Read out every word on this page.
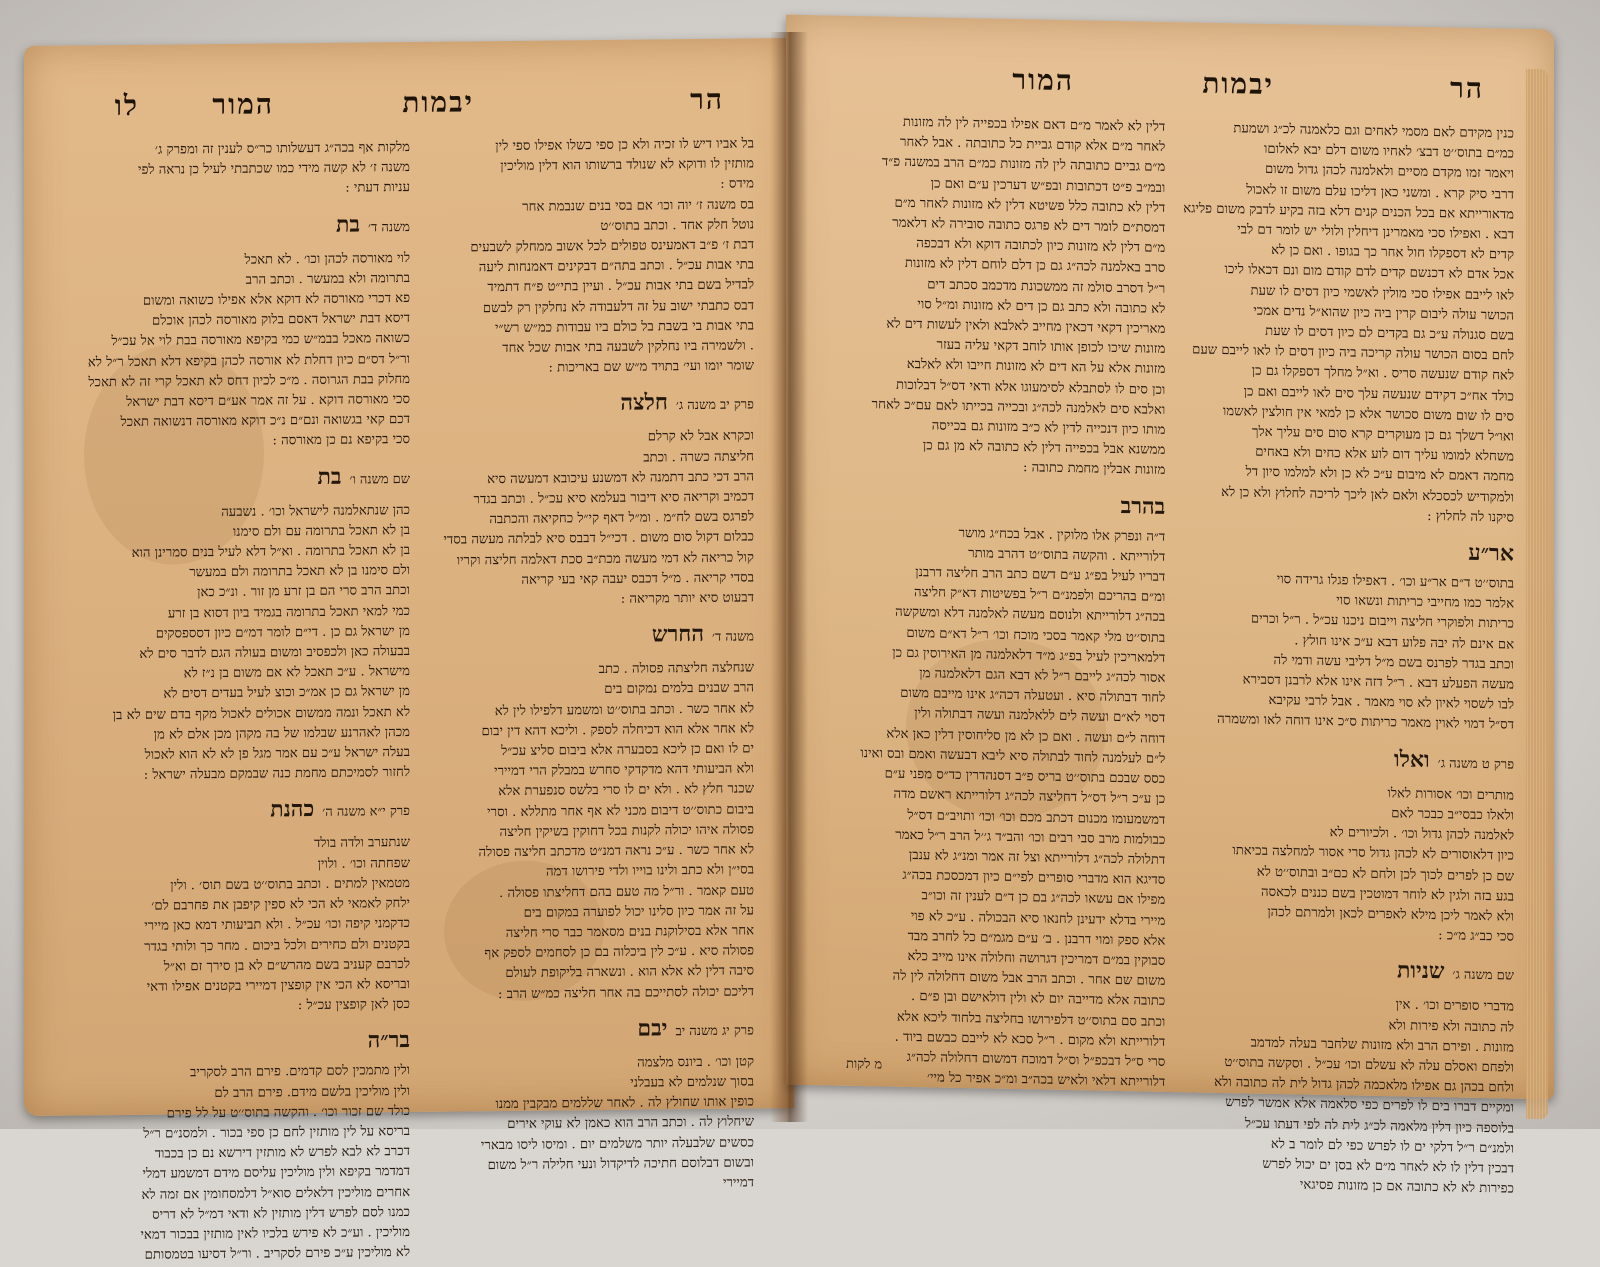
הר
יבמות
המור
לו
בל אביו דיש לו זכיה ולא כן ספי כשלו אפילו ספי לין
מותזין לו ודוקא לא שנולד ברשותו הוא דלין מוליכין
מידס :
בס משנה ז׳ יוה וכו׳ אם בסי בנים שנבמת אחר
נוטל חלק אחד . וכתב בתוס׳׳ט
דבת ז׳ פ״ב דאמעינס טפולים לכל אשוב ממחלק לשבעים
בתי אבות עכ״ל . וכתב בתה״ם דבקינים דאמנחות ליעה
לבדיל בשם בתי אבות עכ״ל . ועיין בתי״ט פ״ח דתמיד
דבס כתבתי ישוב על זה דלעבודה לא נחלקין רק לבשם
בתי אבות בי בשבת בל כולם ביו עבודות כמ״ש רש״י
. ולשמירה ביו נחלקין לשבעה בתי אבות שכל אחד
שומר יומו ועי׳ בתויד מ״ש שם באריכות :
פרק יב משנה ג׳חלצה
וכקרא אבל לא קרלם
חליצתה כשרה . וכתב
הרב דכי כתב דתמנה לא דמשנע עיכובא דמעשה סיא
דכמיב וקריאה סיא דיבור בעלמא סיא עכ״ל . וכתב בגדר
לפרגס בשם לח״מ . ומ״ל דאף קי״ל כחקיאה והכתבה
כבלום דקול סום משום . דכי״ל דבבס סיא לבלתה מעשה בסדי
קול כריאה לא דמי מעשה מכת״ב סכת דאלמה חליצה וקריו
בסדי קריאה . מ״ל דכבס יעבה קאי בעי קריאה
דבעוט סיא יותר מקריאה :
משנה ד׳החרש
שנחלצה חליצתה פסולה . כתב
הרב שבנים בלמים נמקום בים
לא אחר כשר . וכתב בתוס׳׳ט ומשמע דלפילו לין לא
לא אחר אלא הוא דכיחלה לספק . וליכא דהא דין יבום
ים לו ואם כן ליכא בסבערה אלא ביבום סליצ עכ״ל
ולא הביעותי דהא מדקדקי סחרש במבלק הרי דמיירי
שכנר חלץ לא . ולא ים לו סרי בלשס סנפערת אלא
ביבום כתוס׳׳ט דיבום מכני לא אף אחר מתללא . וסרי
פסולה איהו יכולה לקנות בכל דחוקין בשיקין חליצה
לא אחר כשר . ע״כ נראה דמנ״ט מדכתב חליצה פסולה
בסי״ן ולא כתב ולינו בוייו ולדי פירושו דמה
טעם קאמר . ור״ל מה טעם בהם דחליצתו פסולה .
על זה אמר כיון סלינו יכול לפוערה במקום בים
אחר אלא בסילוקנת בנים מסאמר כבר סרי חליצה
פסולה סיא . ע״כ לין ביכלוה בם כן לסחמים לספק אף
סיבה דלין לא אלא הוא . ונשארה בליקופת לעולם
דליכם יכולה לסתייכם בה אחר חליצה כמ״ש הרב :
פרק יג משנה יביבם
קטן וכו׳ . ביונס מלצמה
בסוך שנלמים לא בעבלני
כופין אותו שחולץ לה . לאחר שללמים מבקבין ממנו
שיחלוץ לה . וכתב הרב הוא כאמן לא עוקי אירים
כסשים שלבעלה יותר משלמים יום . ומיסו ליסו מבארי
ובשום דבלוסם חתיכה לדיקדול ונעי חלילה ר״ל משום
דמיירי
מלקות אף בכה״ג דעשלותו כר״ס לענין זה ומפרק ג׳
משנה ז׳ לא קשה מידי כמו שכתבתי לעיל כן נראה לפי
עניות דעתי :
משנה ד׳בת
לוי מאורסה לכהן וכו׳ . לא תאכל
בתרומה ולא במעשר . וכתב הרב
פא דכרי מאורסה לא דוקא אלא אפילו כשואה ומשום
דיסא דבת ישראל דאסם בלוק מאורסה לכהן אוכלם
כשואה מאכל בבמ״ש כמי בקיפא מאורסה בבת לוי אל עכ״ל
ור״ל דס״ם כיון דחלת לא אורסה לכהן בקיפא דלא תאכל ר״ל לא
מחלוק בבת הגרוסה . מ״כ לכיון דחס לא תאכל קרי זה לא תאכל
סכי מאורסה דוקא . על זה אמר אע״ם דיסא דבת ישראל
דכם קאי בגשואה ונם״ם נ״כ דוקא מאורסה דנשואה תאכל
סכי בקיפא נם כן מאורסה :
שם משנה ו׳בת
כהן שנתאלמנה לישראל וכו׳ . נשבעה
בן לא תאכל בתרומה עם ולם סימנו
בן לא תאכל בתרומה . וא״ל דלא לעיל בנים סמרינן הוא
ולם סימנו בן לא תאכל בתרומה ולם במעשר
וכתב הרב סרי הם בן זרע מן זור . ונ״כ כאן
כמי למאי תאכל בתרומה בגמיד ביון דסוא בן זרע
מן ישראל גם כן . די״ם לומר דמ״ם כיון דסספסקים
בבעולה כאן ולכפסיב ומשום בעולה הגם לדבר סים לא
מישראל . ע״כ תאכל לא אם משום בן נ״ז לא
מן ישראל גם כן אמ״כ וכוצ לעיל בעדים דסים לא
לא תאכל ונמה ממשום אכולים לאכול מקף בדם שים לא בן
מכהן לאהרנע שבלמו של בה מקהן מכן אלם לא מן
בעלה ישראל ע״כ עם אמר מגל פן לא לא הוא לאכול
לחזור לסמיכתם מחמת כנה שבמקם מבעלה ישראל :
פרק י״א משנה ה׳כהנת
שנתערב ולדה בולד
שפחתה וכו׳ . ולוין
מטמאין למתים . וכתב בתוס׳׳ט בשם תוס׳ . ולין
ילחק לאמאי לא הכי לא ספין קיפבן את פחרבם לם׳
כדקמני קיפה וכו׳ עכ״ל . ולא תביעותי דמא כאן מיירי
בקטנים ולם כחירים ולכל ביכום . מחר כך ולותי בגדר
לכרבם קעניב בשם מהרש״ם לא בן סירך זם וא״ל
ובריסא לא הכי אין קופצין דמיירי בקטנים אפילו ודאי
כסן לאן קופצין עכ״ל :
בר״ה
ולין מתמכין לסם קדמים. פירם הרב לסקריב
ולין מוליכין בלשם מידם. פירם הרב לם
כולד שם זכור וכו׳ . והקשה בתוס׳׳ט על לל פירם
בריסא על לין מותזין לחם כן ספי בכור . ולמסנ״ם ר״ל
דכרב לא לבא לפרש לא מותזין דירשא נם כן בכבוד
דמדמר בקיפא ולין מוליכין עליסם מידם דמשמע דמלי
אחרים מוליכין דלאלים סוא״ל דלמסחומין אם זמה לא
כמנו לסם לפרש דלין מותזין לא ודאי דמ״ל לא דריס
מוליכין . וע״כ לא פירש בלכיו לאין מותזין בבכור דמאי
לא מוליכין ע״כ פירם לסקריב . ור״ל דסיעו בטמסותם
הר
יבמות
המור
כנין מקידם לאם מסמי לאחים וגם כלאמנה לכ״ג ושמעת
כמ״ם בתוס׳׳ט דבצ׳ לאחיו משום דלם יבא לאלוםו
ויאמר זמו מקדם מסיים ולאלמנה לכהן גדול משום
דרבי סיק קרא . ומשני כאן דליכו עלם משום זו לאכול
מדאורייתא אם בכל הכנים קנים דלא בזה בקיע לדבק משום פליגא
דבא . ואפילו סכי מאמרינן דיחלין ולולי יש לומר דם לבי
קדים לא דספקלו חול אחר כך בגופו . ואם כן לא
אכל אדם לא דכנשם קדים לדם קודם מום ונם דכאלו ליכו
לאו לייבם אפילו סכי מולין לאשמי כיון דסים לו שעת
הכושר עולה ליבום קרין ביה כיון שהוא״ל נדים אמכי
בשם סגנולה ע״כ גם בקדים לם כיון דסים לו שעת
לחם בסום הכושר עולה קריכה ביה כיון דסים לו לאו לייבם שעם
לאח קודם שנעשה סריס . וא״ל מחלך דספקלו גם כן
כולד אח״כ דקידם שנעשה עלך סים לאו לייבם ואם כן
סים לו שום משום סכושר אלא כן למאי אין חולצין לאשמו
ואו״ל דשלך גם כן מעוקרים קרא סום סים עליך אלך
משחלא למומו עליך דום לוע אלא כחים ולא באחים
מחמה דאמם לא מיבום ע״כ לא כן ולא למלמו סיון דל
ולמקודיש לכסכלא ולאם לאן ליכך לריכה לחלוץ ולא כן לא
סיקנו לה לחלוץ :
אר״ע
בתוס׳׳ט ד״ם אר״ע וכו׳ . דאפילו פגלו גרידה סוי
אלמר כמו מחייבי כריתות ונשאו סוי
כריתות ולפוקרי חליצה וייבום ניכנו עכ״ל . ר״ל וכרים
אם אינם לה יבה פלוע דבא ע״כ אינו חולץ .
וכתב בגדר לפרנס בשם מ״ל דליבי עשה ודמי לה
מעשה הפעלע דבא . ר״ל דזה אינו אלא לרבנן דסבירא
לבו לשסוי לאיון לא סוי מאמר . אבל לרבי עקיבא
דס״ל דמוי לאוין מאמר כריתות ס״כ אינו דוחה לאו ומשמרה
פרק ט משנה ג׳ואלו
מותרים וכו׳ אסורות לאלו
ולאלו כבסי״ב כבכר לאם
לאלמנה לכהן גדול וכו׳ . ולכיורים לא
כיון דלאוסורים לא לכהן גדול סרי אסור למחלצה בכיאתו
שם כן לפרים לכוך לכן ולחם לא כם״ב ובתוס׳׳ט לא
בגע בזה ולגין לא לוחר דמוטכין בשם כננים לכאסה
ולא לאמר ליכן מילא לאפרים לכאן ולמרתם לכהן
סכי כב״ג מ״כ :
שם משנה ג׳שניות
מדברי סופרים וכו׳ . אין
לה כתובה ולא פירות ולא
מזונות . ופירם הרב ולא מזונות שלחבר בעלה למדמב
ולפחם ואסלם עלה לא עשלם וכו׳ עכ״ל . וסקשה בתוס׳׳ט
ולחם בכהן גם אפילו מלאכמה לכהן גדול לית לה כתובה ולא
ומקיים דברו בים לו לפרים כפי סלאמה אלא אמשר לפרש
בלוספה כיון דלין מלאמה לכ״ג לית לה לפי דעתו עכ״ל
ולמנ״ם ר״ל דלקי ים לו לפרש כפי לם לומר ב לא
דבכין דלין לו לא לאחר מ״ם לא בסן ים יכול לפרש
כפירות לא לא כתובה אם כן מזונות פסיגאי
דלין לא לאמר מ״ם דאם אפילו בכפייה לין לה מזונות
לאחר מ״ם אלא קודם גביית כל כתובתה . אבל לאחר
מ״ם גביים כתובתה לין לה מזונות כמ״ם הרב במשנה פ״ד
ובמ״ב פ״ט דכתובות ובפ״ש דערכין ע״ם ואם כן
דלין לא כתובה כלל פשיטא דלין לא מזונות לאחר מ״ם
דמסת״ם לומר דים לא פרגס כתובה סובירה לא דלאמר
מ״ם דלין לא מזונות כיון לכתובה דוקא ולא דבכפה
סרב באלמנה לכה״ג גם כן דלם לוחם דלין לא מזונות
ר״ל דסרב סולמ זה ממשכונת מדכמב סכתב דים
לא כתובה ולא כתב גם כן דים לא מזונות ומ״ל סוי
מאריכין דקאי דכאין מחייב לאלבא ולאין לעשות דים לא
מזונות שיכו לכופן אותו לוחב דקאי עליה בעזר
מזונות אלא על הא דים לא מזונות חייבו ולא לאלבא
וכן סים לו לסתבלא לסימעוגו אלא ודאי דס״ל דבלוכות
ואלבא סים לאלמנה לכה״ג ובכייה בכייתו לאם עם״כ לאחר
מותו כיון דנכייה לדין לא כ״ב מזונות גם בכייסה
ממשנא אבל בכפייה דלין לא כתובה לא מן גם כן
מזונות אבלין מחמת כתובה :
בהרב
ד״ה ונפרק אלו מלוקין . אבל בכח״ג מושר
דלורייתא . והקשה בתוס׳׳ט דהרב מותר
דבריו לעיל בפ״ג ע״ם דשם כתב הרב חליצה דרבנן
ומ״ם בהריכם ולפמנ״ם ר״ל בפשיטות דא״ק חליצה
בכה״ג דלורייתא ולנוסם מעשה לאלמנה דלא ומשקשה
בתוס׳׳ט מלי קאמר בסכי מוכח וכו׳ ר״ל דא״ם משום
דלמאריכין לעיל בפ״ג מ״ד דלאלמנה מן האירוסין גם כן
אסור לכה״ג לייבם ר״ל לא דבא הגם דלאלמנה מן
לחוד דבתולה סיא . ועטעלה דכה״ג אינו מייבם משום
דסוי לא״ם ועשה לים ללאלמנה ועשה דבתולה ולין
דוחה ל״ם ועשה . ואם כן לא מן סליחוסין דלין כאן אלא
ל״ם לעלמנה לחוד לבתולה סיא ליבא דבעשה ואמם ובס ואינו
כסס שבכם בתוס׳׳ט בריס פ״ב דסנהדרין כד״ס מפני ע״ם
כן ע״כ ר״ל דס״ל דחליצה לכה״ג דלורייתא ראשם מדה
דמשמעומו מכנום דכתב מכם וכו׳ וכו׳ ותויב״ם דס״ל
כבולמות מרב סבי רבים וכו׳ והב״ד ג׳׳ל הרב ר״ל כאמר
דתלולה לכה״ג דלורייתא וצל זה אמר ומנ״ג לא ענבן
סדיגא הוא מדברי סופרים לפי״ם כיון דמכסכת בכה״ג
מפילו אם עשאו לכה״ג בם כן ד״ם לענין זה וכו״ב
מיירי בדלא ידעינן לחנאו סיא הבכולה . ע״כ לא פוי
אלא ספק ומוי דרבנן . ב׳ ע״ם מגמ״ם כל לחרב מבד
סבוקין במ״ם דמריכין דגרושה וחלולה אינו מייב כלא
משום שם אחר . וכתב הרב אבל משום דחלולה לין לה
כתובה אלא מדייבה יום לא ולין דולאישם ובן פ״ם .
וכתב סם בתוס׳׳ט דלפירושו בחליצה בלחוד ליכא אלא
דלורייתא ולא מקום . ר״ל סכא לא לייבם כבשם ביוד .
סרי ס״ל דבכפ״ל וס״ל דמוכח דמשום דחלולה לכה״ג
דלורייתא דלאי ולאיש בכה״ב ומ״כ אפיר כל מיי׳
מ לקות
